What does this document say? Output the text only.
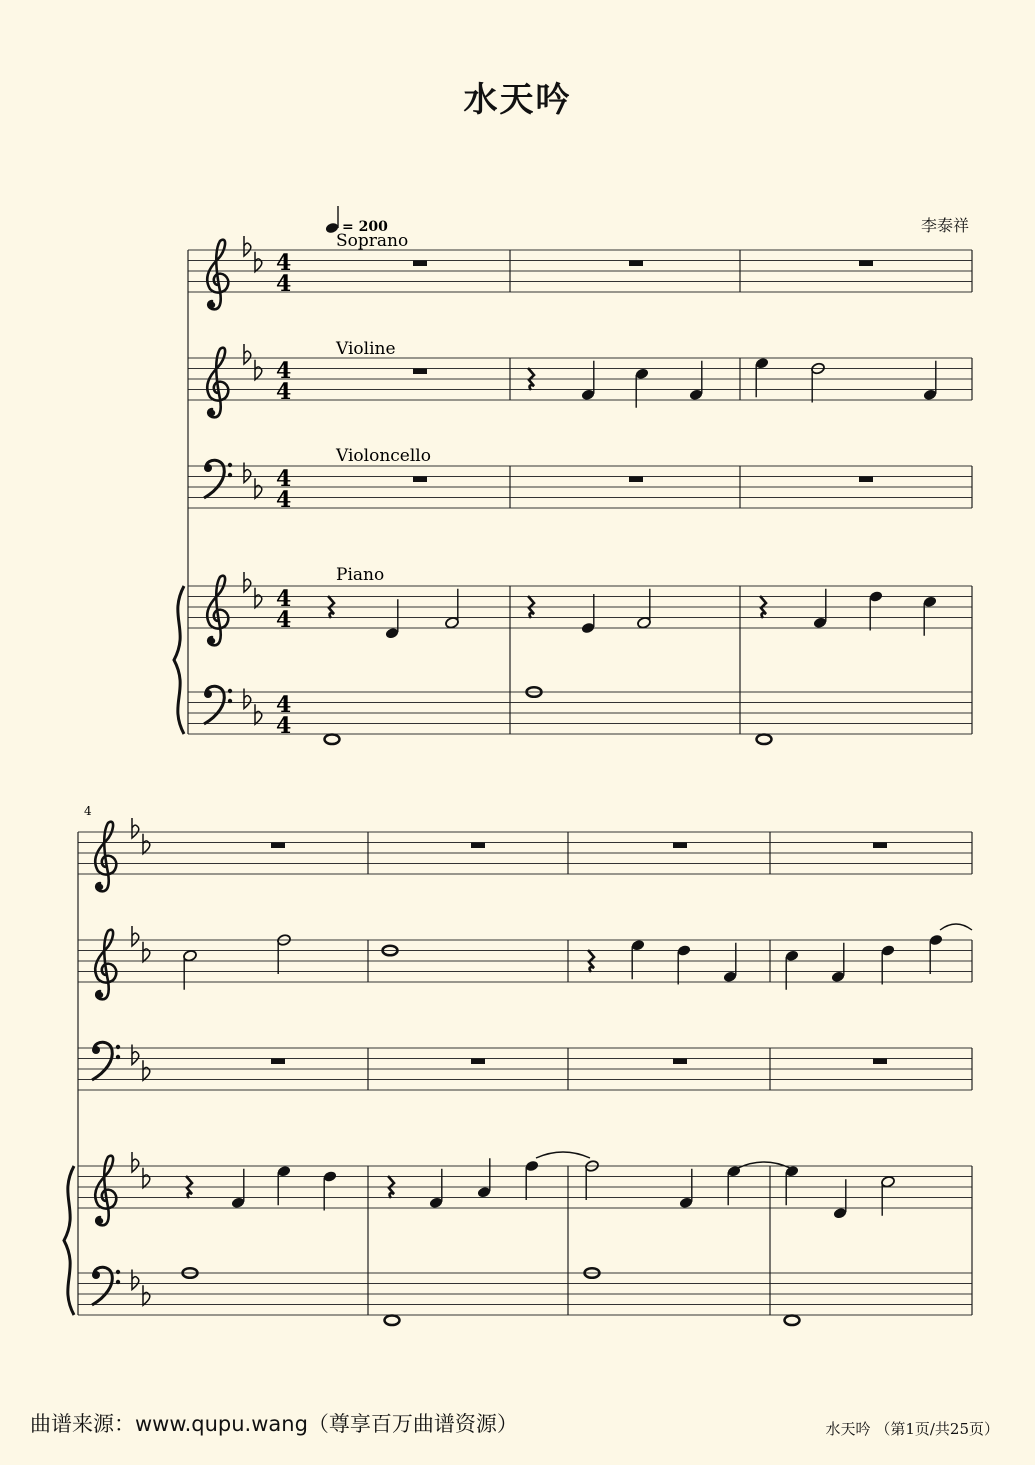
水天吟
李泰祥
4
4
4
4
4
4
4
4
4
4
= 200
Soprano
Violine
Violoncello
Piano
4
曲谱来源：www.qupu.wang（尊享百万曲谱资源）	水天吟 （第1页/共25页）
